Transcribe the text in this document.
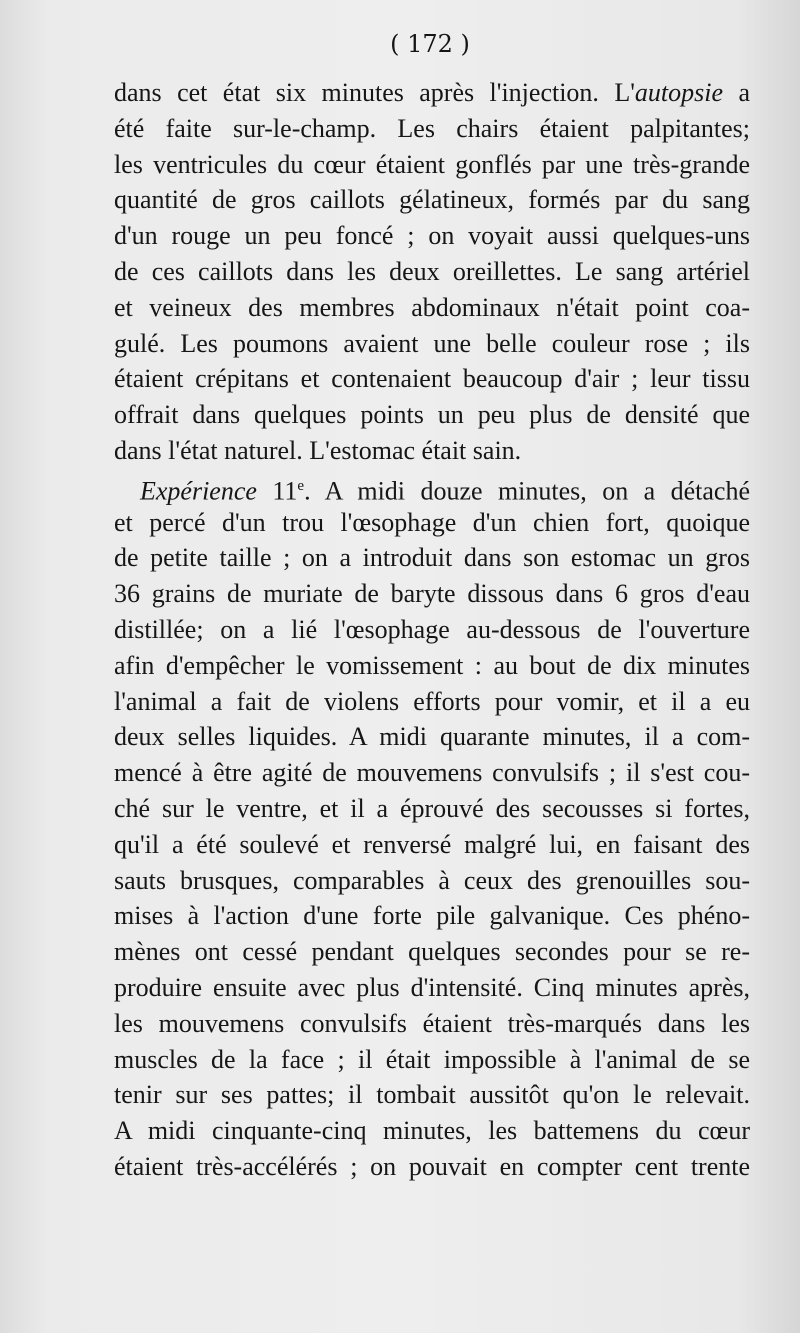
( 172 )
dans cet état six minutes après l'injection. L'autopsie a
été faite sur-le-champ. Les chairs étaient palpitantes;
les ventricules du cœur étaient gonflés par une très-grande
quantité de gros caillots gélatineux, formés par du sang
d'un rouge un peu foncé ; on voyait aussi quelques-uns
de ces caillots dans les deux oreillettes. Le sang artériel
et veineux des membres abdominaux n'était point coa-
gulé. Les poumons avaient une belle couleur rose ; ils
étaient crépitans et contenaient beaucoup d'air ; leur tissu
offrait dans quelques points un peu plus de densité que
dans l'état naturel. L'estomac était sain.
Expérience 11e. A midi douze minutes, on a détaché
et percé d'un trou l'œsophage d'un chien fort, quoique
de petite taille ; on a introduit dans son estomac un gros
36 grains de muriate de baryte dissous dans 6 gros d'eau
distillée; on a lié l'œsophage au-dessous de l'ouverture
afin d'empêcher le vomissement : au bout de dix minutes
l'animal a fait de violens efforts pour vomir, et il a eu
deux selles liquides. A midi quarante minutes, il a com-
mencé à être agité de mouvemens convulsifs ; il s'est cou-
ché sur le ventre, et il a éprouvé des secousses si fortes,
qu'il a été soulevé et renversé malgré lui, en faisant des
sauts brusques, comparables à ceux des grenouilles sou-
mises à l'action d'une forte pile galvanique. Ces phéno-
mènes ont cessé pendant quelques secondes pour se re-
produire ensuite avec plus d'intensité. Cinq minutes après,
les mouvemens convulsifs étaient très-marqués dans les
muscles de la face ; il était impossible à l'animal de se
tenir sur ses pattes; il tombait aussitôt qu'on le relevait.
A midi cinquante-cinq minutes, les battemens du cœur
étaient très-accélérés ; on pouvait en compter cent trente
